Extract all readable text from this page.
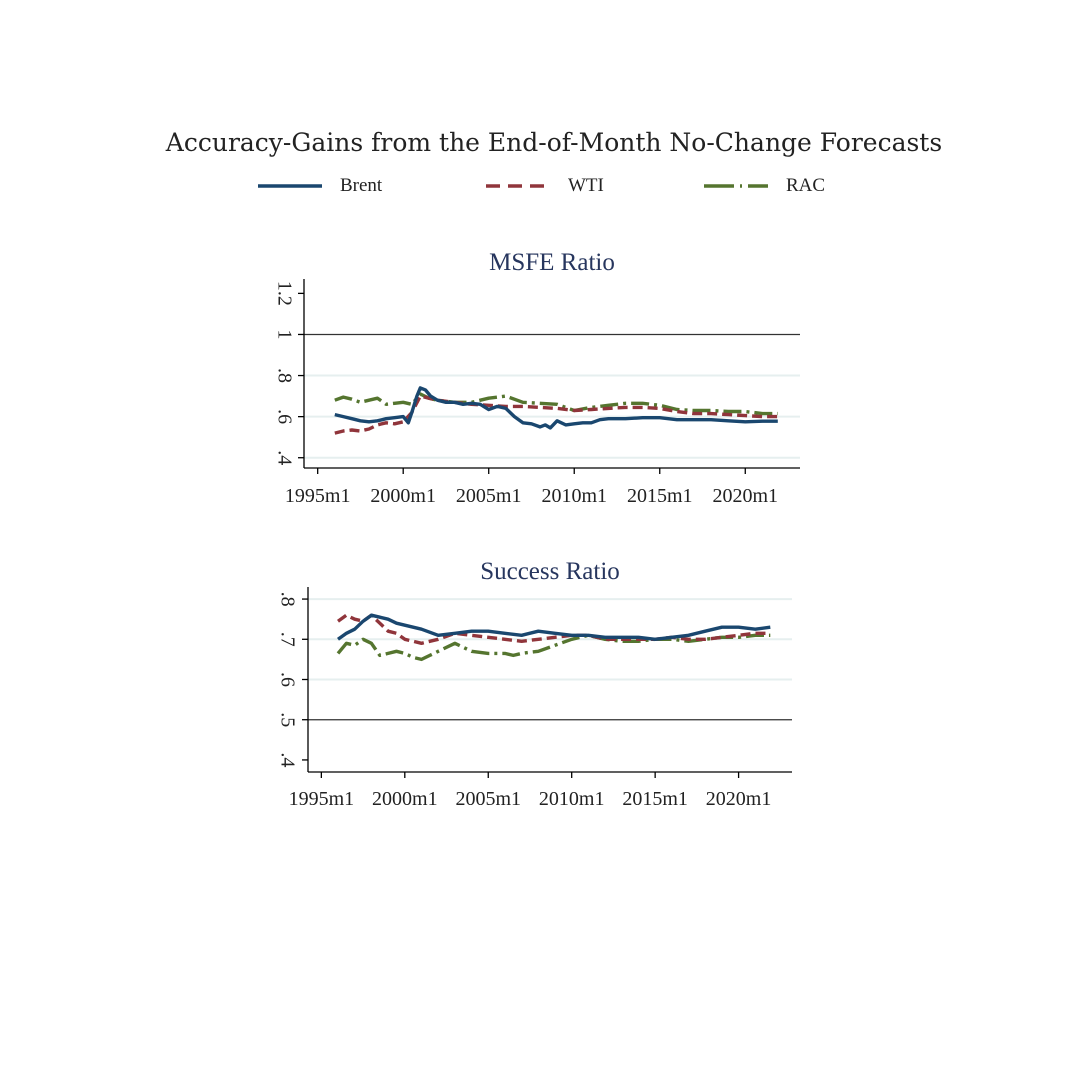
Accuracy-Gains from the End-of-Month No-Change Forecasts
Brent	WTI	RAC
MSFE Ratio
.4
.6
.8
1
1.2
1995m1 2000m1 2005m1 2010m1 2015m1 2020m1
Success Ratio
.4
.5
.6
.7
.8
1995m1 2000m1 2005m1 2010m1 2015m1 2020m1
